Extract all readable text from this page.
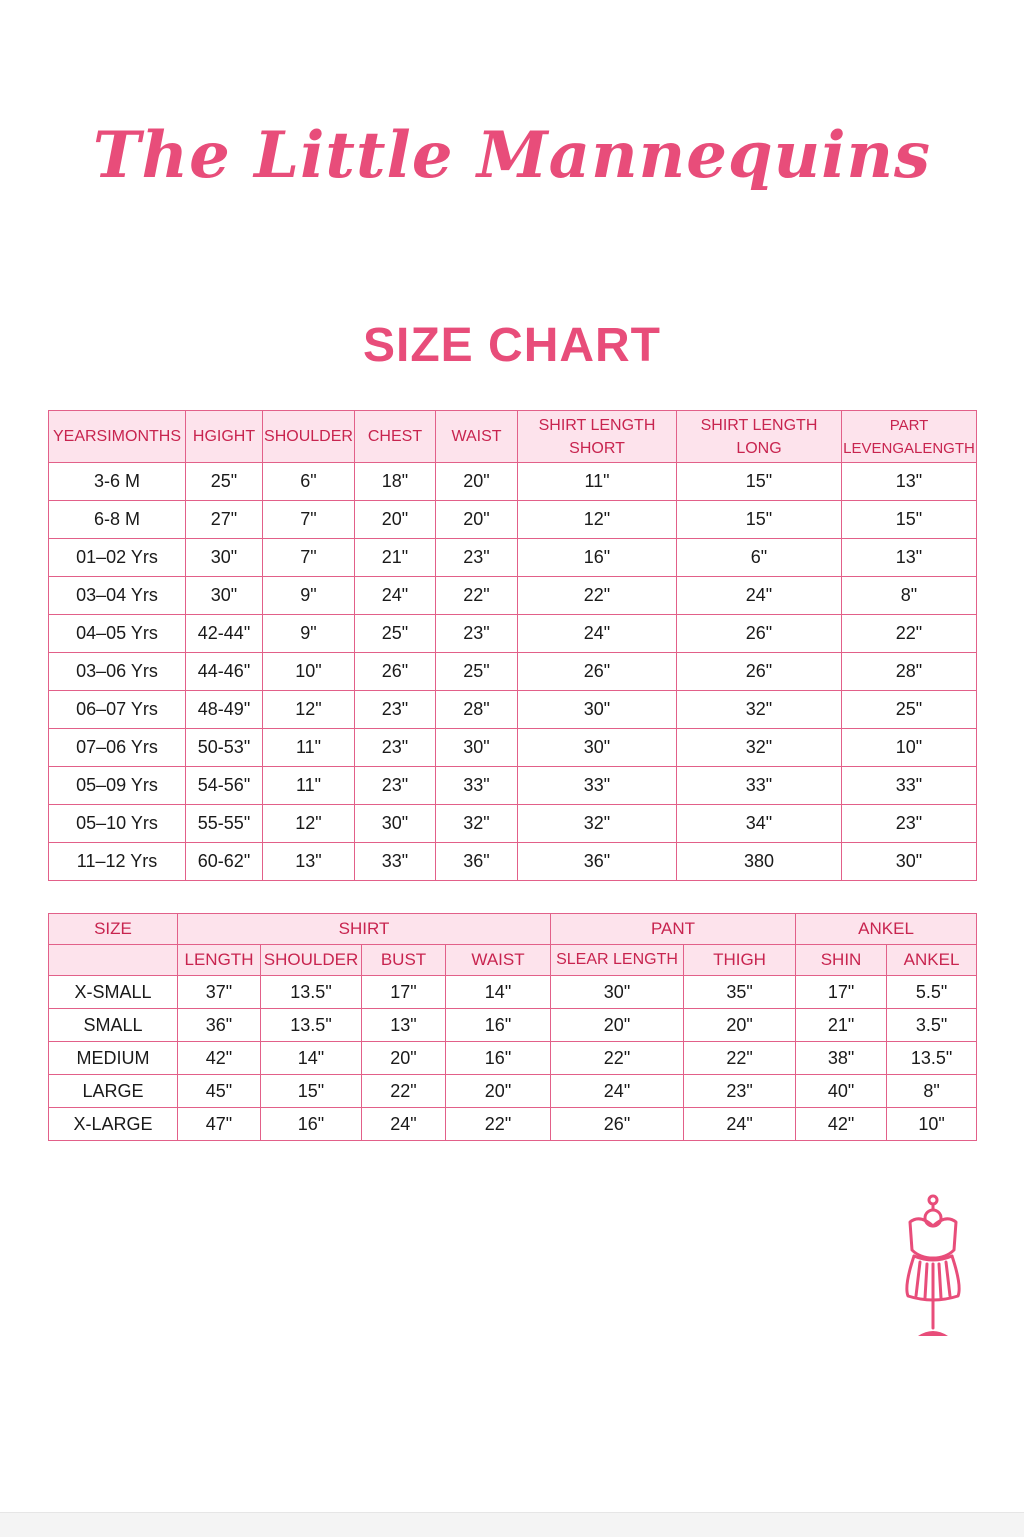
The Little Mannequins
SIZE CHART
YEARSIMONTHS	HGIGHT	SHOULDER	CHEST	WAIST	SHIRT LENGTH SHORT	SHIRT LENGTH LONG	PART LEVENGALENGTH
3-6 M	25"	6"	18"	20"	11"	15"	13"
6-8 M	27"	7"	20"	20"	12"	15"	15"
01–02 Yrs	30"	7"	21"	23"	16"	6"	13"
03–04 Yrs	30"	9"	24"	22"	22"	24"	8"
04–05 Yrs	42-44"	9"	25"	23"	24"	26"	22"
03–06 Yrs	44-46"	10"	26"	25"	26"	26"	28"
06–07 Yrs	48-49"	12"	23"	28"	30"	32"	25"
07–06 Yrs	50-53"	11"	23"	30"	30"	32"	10"
05–09 Yrs	54-56"	11"	23"	33"	33"	33"	33"
05–10 Yrs	55-55"	12"	30"	32"	32"	34"	23"
11–12 Yrs	60-62"	13"	33"	36"	36"	380	30"
SIZE	SHIRT				PANT		ANKEL	
	LENGTH	SHOULDER	BUST	WAIST	SLEAR LENGTH	THIGH	SHIN	ANKEL
X-SMALL	37"	13.5"	17"	14"	30"	35"	17"	5.5"
SMALL	36"	13.5"	13"	16"	20"	20"	21"	3.5"
MEDIUM	42"	14"	20"	16"	22"	22"	38"	13.5"
LARGE	45"	15"	22"	20"	24"	23"	40"	8"
X-LARGE	47"	16"	24"	22"	26"	24"	42"	10"
